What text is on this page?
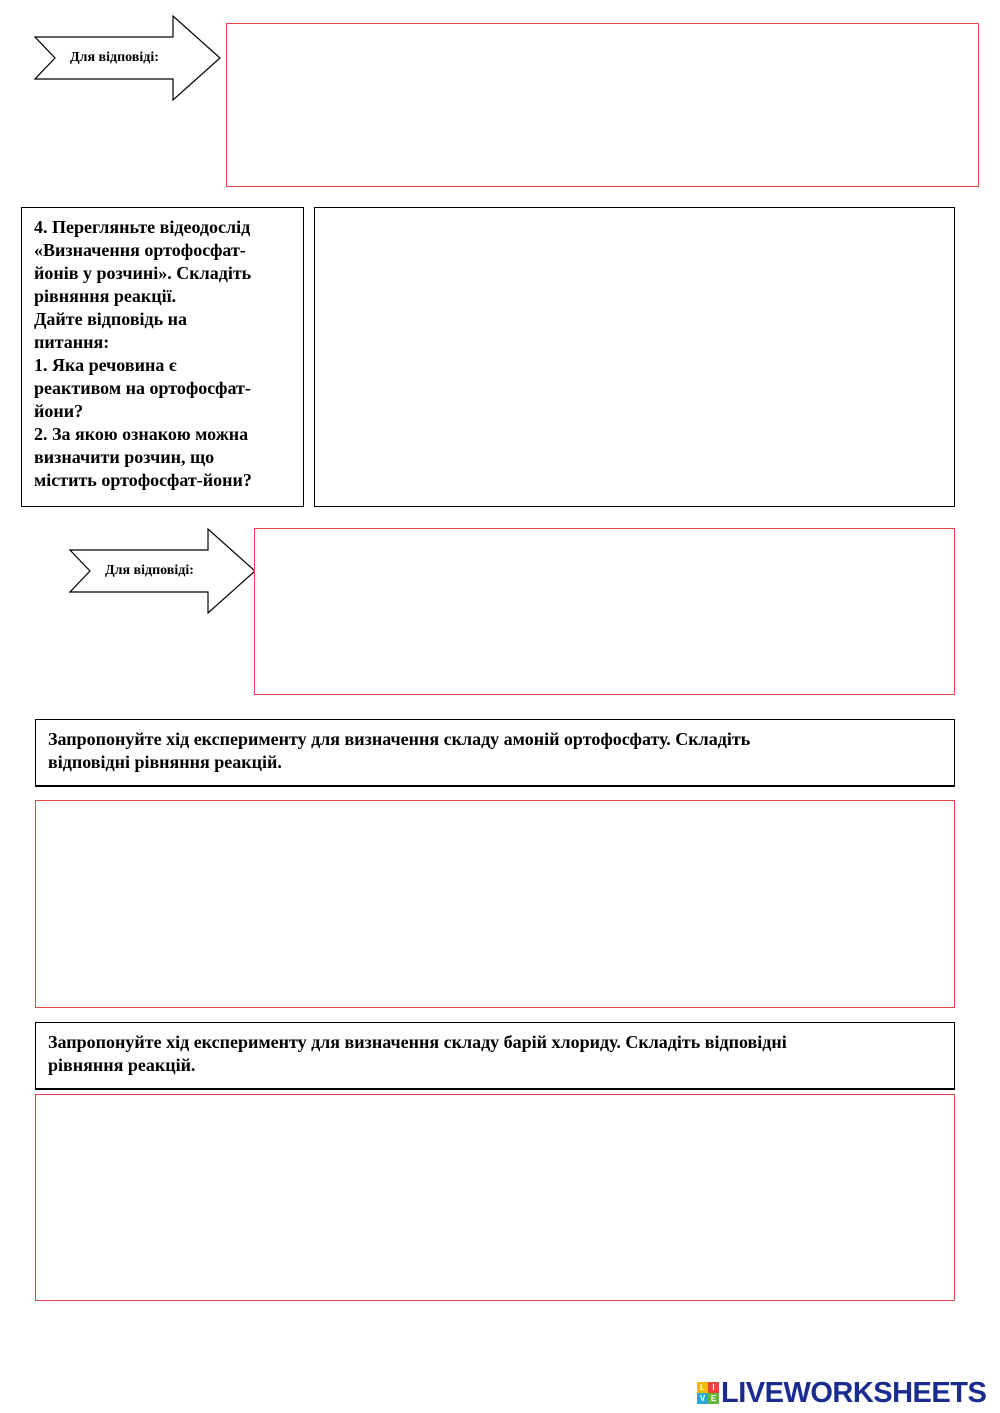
Для відповіді:

4. Перегляньте відеодослід

«Визначення ортофосфат-

йонів у розчині». Складіть

рівняння реакції.

Дайте відповідь на

питання:

1. Яка речовина є

реактивом на ортофосфат-

йони?

2. За якою ознакою можна

визначити розчин, що

містить ортофосфат-йони?

Для відповіді:

Запропонуйте хід експерименту для визначення складу амоній ортофосфату. Складіть

відповідні рівняння реакцій.

Запропонуйте хід експерименту для визначення складу барій хлориду. Складіть відповідні

рівняння реакцій.

L I
V E LIVEWORKSHEETS
